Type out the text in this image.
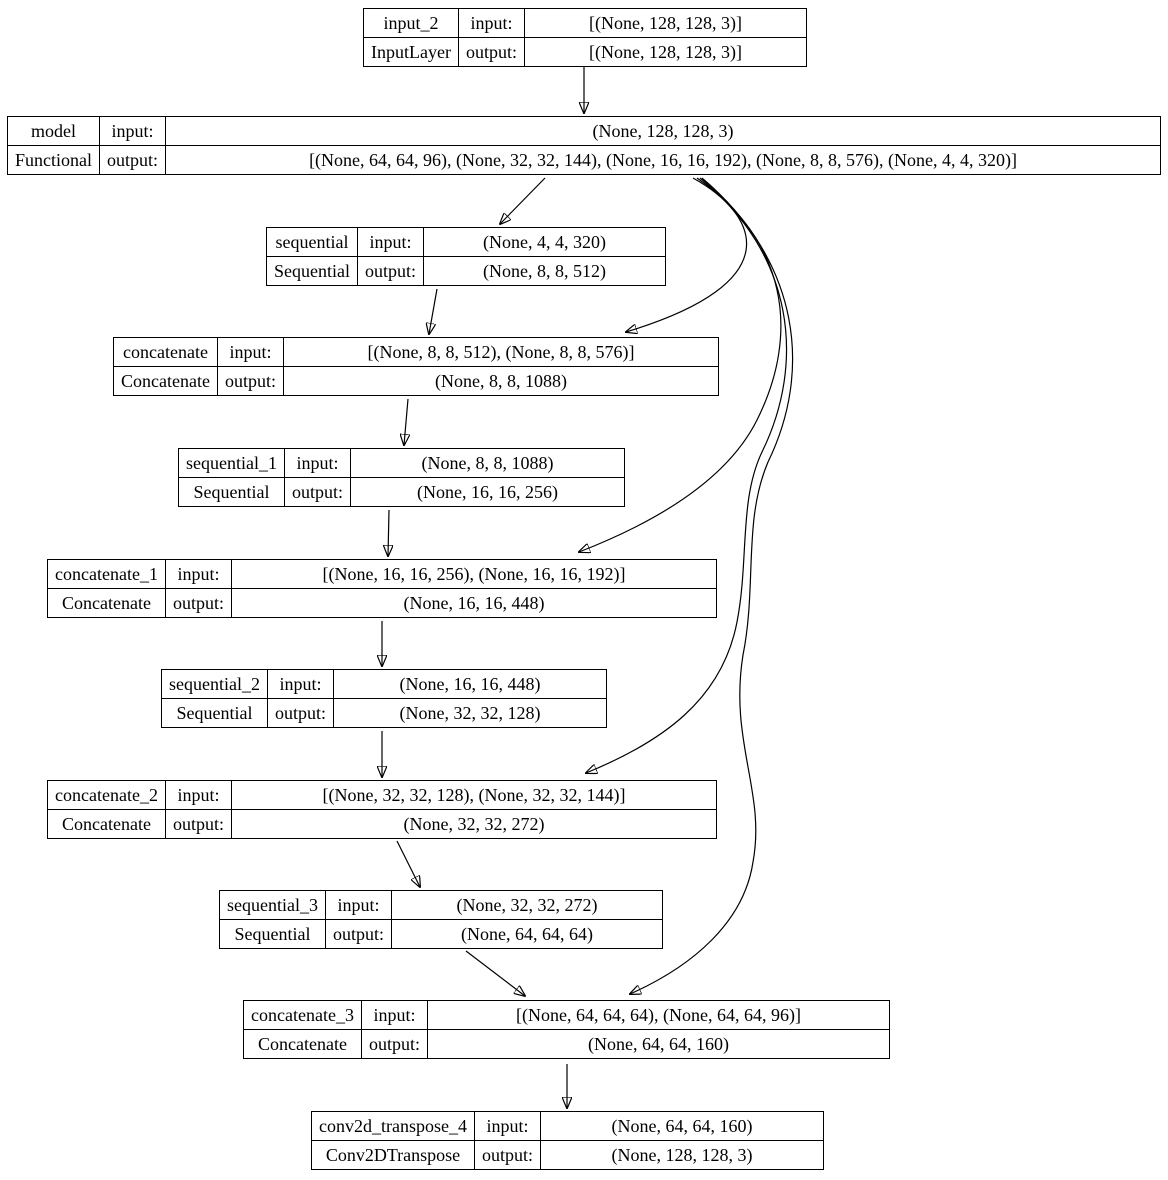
input_2	input:	[(None, 128, 128, 3)]
InputLayer	output:	[(None, 128, 128, 3)]
model	input:	(None, 128, 128, 3)
Functional	output:	[(None, 64, 64, 96), (None, 32, 32, 144), (None, 16, 16, 192), (None, 8, 8, 576), (None, 4, 4, 320)]
sequential	input:	(None, 4, 4, 320)
Sequential	output:	(None, 8, 8, 512)
concatenate	input:	[(None, 8, 8, 512), (None, 8, 8, 576)]
Concatenate	output:	(None, 8, 8, 1088)
sequential_1	input:	(None, 8, 8, 1088)
Sequential	output:	(None, 16, 16, 256)
concatenate_1	input:	[(None, 16, 16, 256), (None, 16, 16, 192)]
Concatenate	output:	(None, 16, 16, 448)
sequential_2	input:	(None, 16, 16, 448)
Sequential	output:	(None, 32, 32, 128)
concatenate_2	input:	[(None, 32, 32, 128), (None, 32, 32, 144)]
Concatenate	output:	(None, 32, 32, 272)
sequential_3	input:	(None, 32, 32, 272)
Sequential	output:	(None, 64, 64, 64)
concatenate_3	input:	[(None, 64, 64, 64), (None, 64, 64, 96)]
Concatenate	output:	(None, 64, 64, 160)
conv2d_transpose_4	input:	(None, 64, 64, 160)
Conv2DTranspose	output:	(None, 128, 128, 3)
